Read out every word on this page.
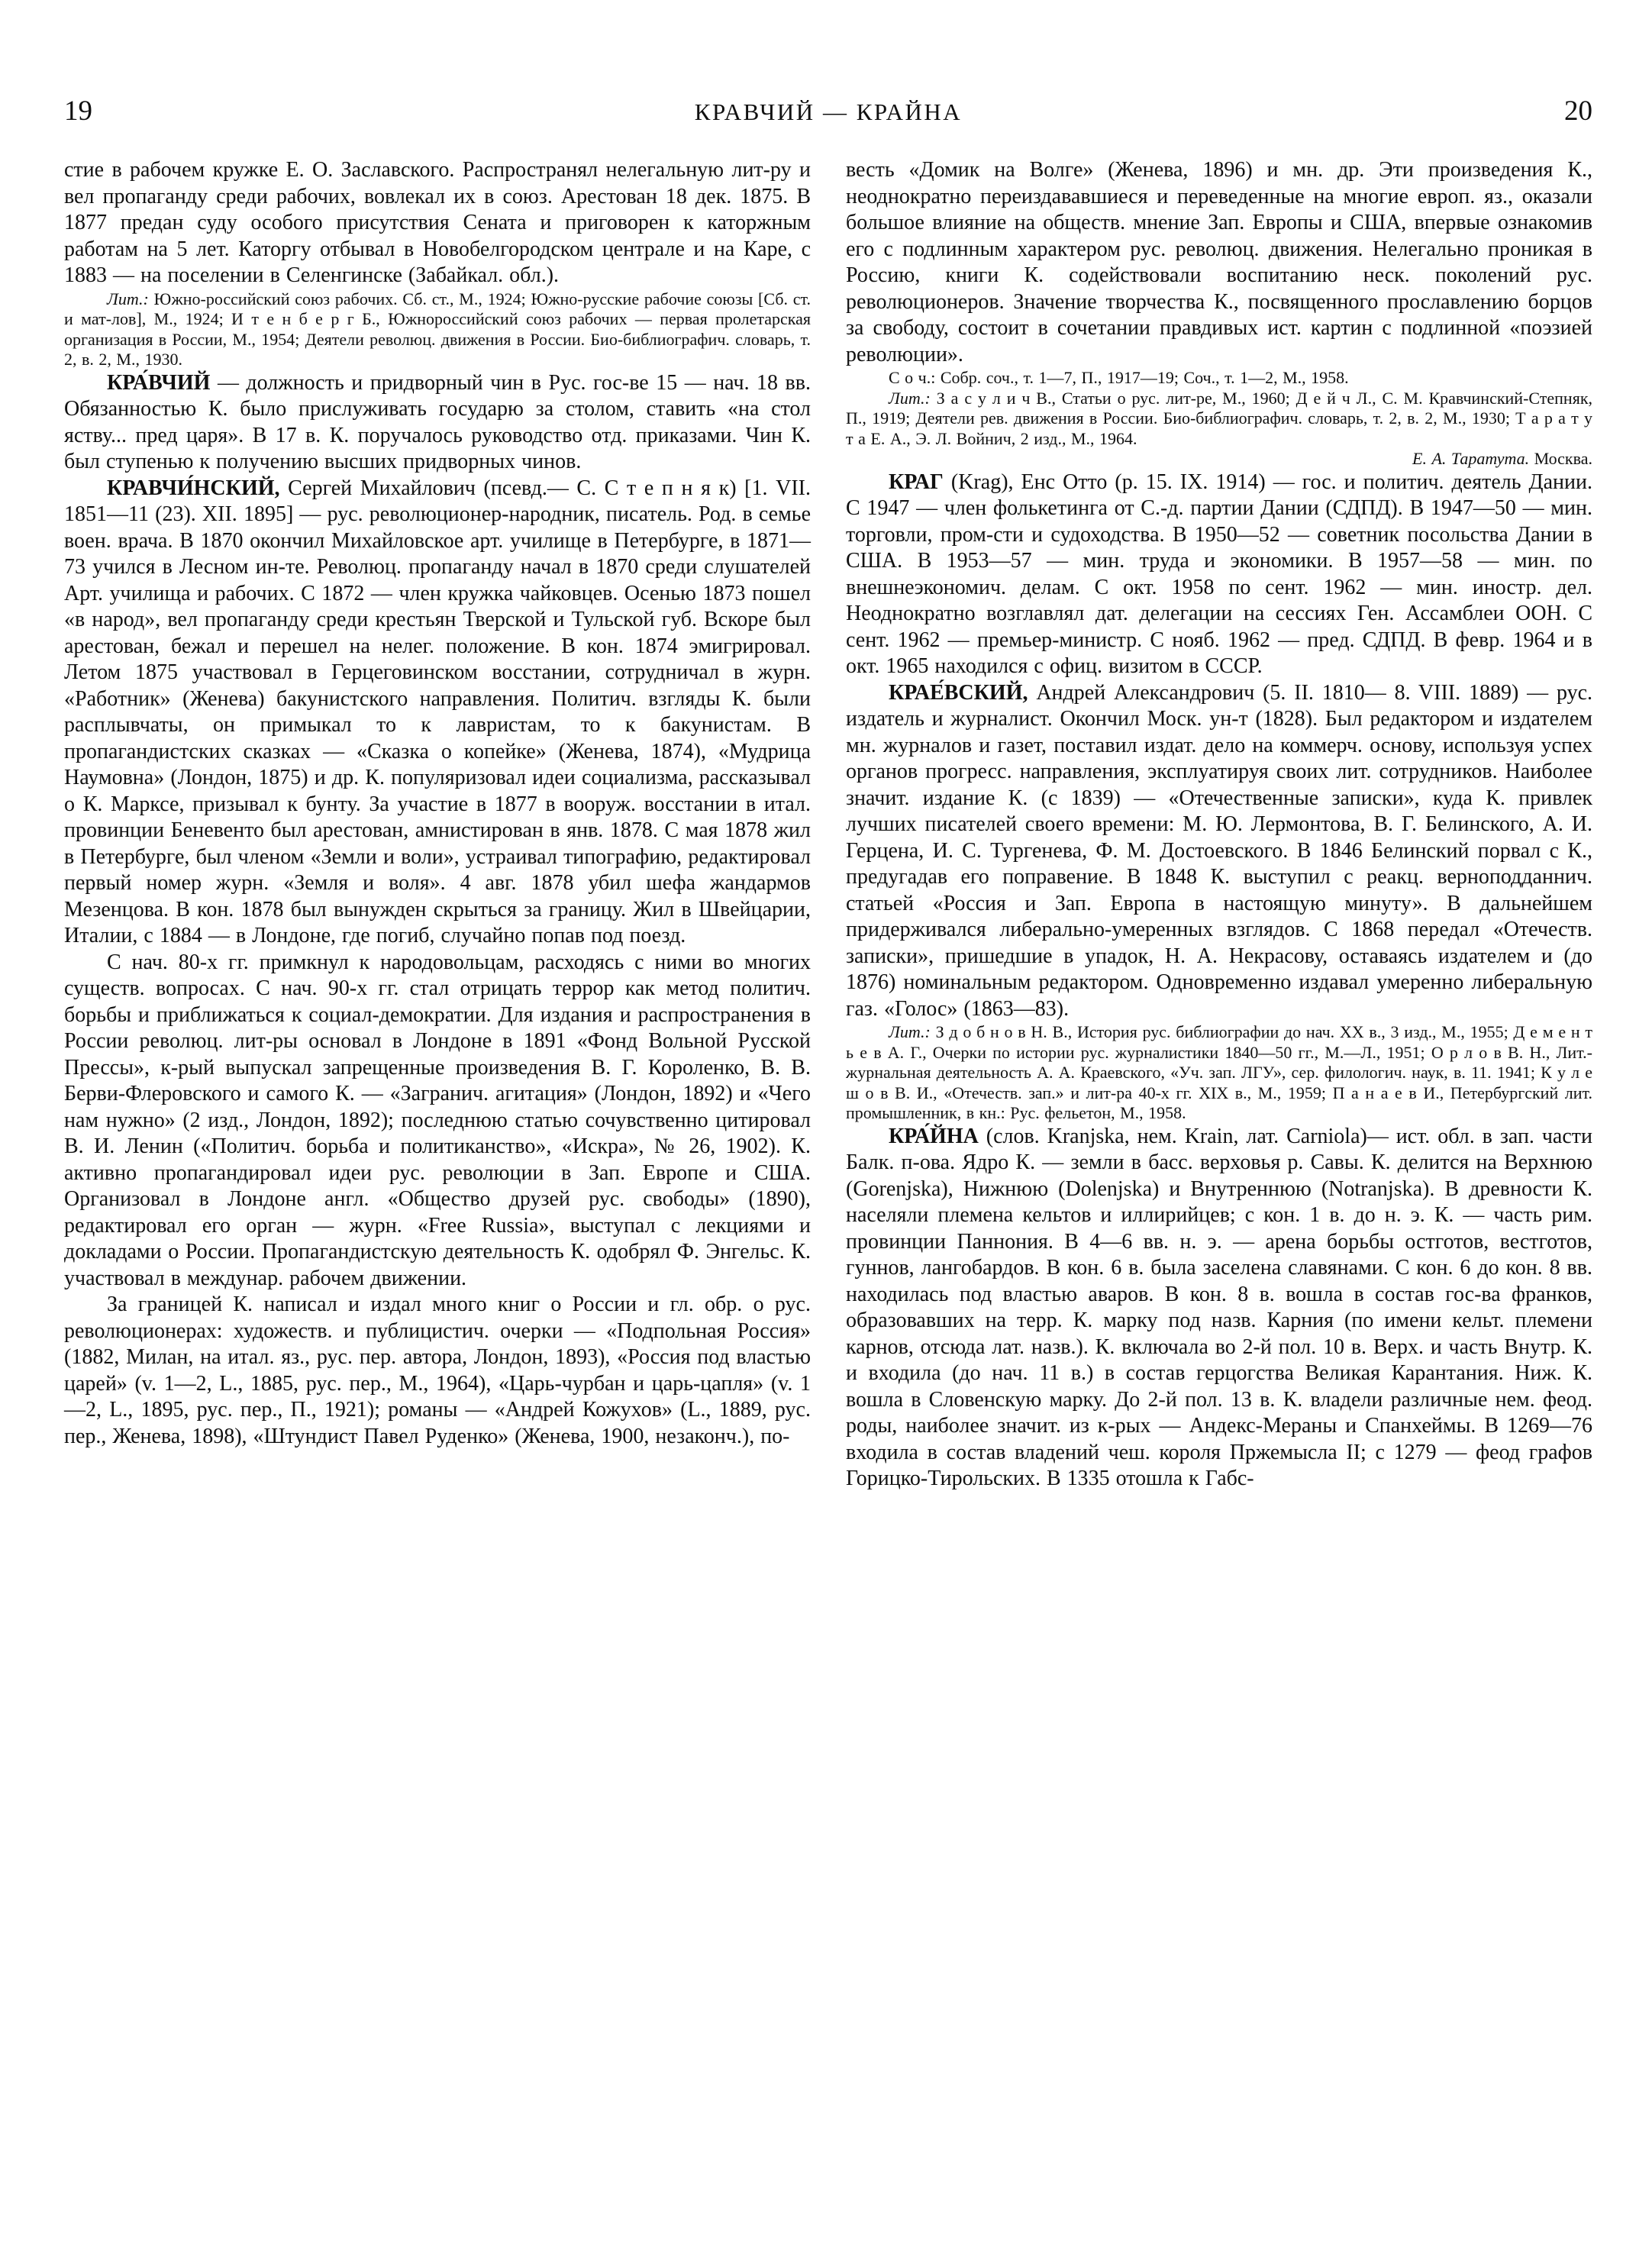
19	КРАВЧИЙ — КРАЙНА	20

стие в рабочем кружке Е. О. Заславского. Распространял нелегальную лит-ру и вел пропаганду среди рабочих, вовлекал их в союз. Арестован 18 дек. 1875. В 1877 предан суду особого присутствия Сената и приговорен к каторжным работам на 5 лет. Каторгу отбывал в Новобелгородском централе и на Каре, с 1883 — на поселении в Селенгинске (Забайкал. обл.).

Лит.: Южно-российский союз рабочих. Сб. ст., М., 1924; Южно-русские рабочие союзы [Сб. ст. и мат-лов], М., 1924; И т е н б е р г Б., Южнороссийский союз рабочих — первая пролетарская организация в России, М., 1954; Деятели революц. движения в России. Био-библиографич. словарь, т. 2, в. 2, М., 1930.

КРА́ВЧИЙ — должность и придворный чин в Рус. гос-ве 15 — нач. 18 вв. Обязанностью К. было прислуживать государю за столом, ставить «на стол яству... пред царя». В 17 в. К. поручалось руководство отд. приказами. Чин К. был ступенью к получению высших придворных чинов.

КРАВЧИ́НСКИЙ, Сергей Михайлович (псевд.— С. С т е п н я к) [1. VII. 1851—11 (23). XII. 1895] — рус. революционер-народник, писатель. Род. в семье воен. врача. В 1870 окончил Михайловское арт. училище в Петербурге, в 1871—73 учился в Лесном ин-те. Революц. пропаганду начал в 1870 среди слушателей Арт. училища и рабочих. С 1872 — член кружка чайковцев. Осенью 1873 пошел «в народ», вел пропаганду среди крестьян Тверской и Тульской губ. Вскоре был арестован, бежал и перешел на нелег. положение. В кон. 1874 эмигрировал. Летом 1875 участвовал в Герцеговинском восстании, сотрудничал в журн. «Работник» (Женева) бакунистского направления. Политич. взгляды К. были расплывчаты, он примыкал то к лавристам, то к бакунистам. В пропагандистских сказках — «Сказка о копейке» (Женева, 1874), «Мудрица Наумовна» (Лондон, 1875) и др. К. популяризовал идеи социализма, рассказывал о К. Марксе, призывал к бунту. За участие в 1877 в вооруж. восстании в итал. провинции Беневенто был арестован, амнистирован в янв. 1878. С мая 1878 жил в Петербурге, был членом «Земли и воли», устраивал типографию, редактировал первый номер журн. «Земля и воля». 4 авг. 1878 убил шефа жандармов Мезенцова. В кон. 1878 был вынужден скрыться за границу. Жил в Швейцарии, Италии, с 1884 — в Лондоне, где погиб, случайно попав под поезд.

С нач. 80-х гг. примкнул к народовольцам, расходясь с ними во многих существ. вопросах. С нач. 90-х гг. стал отрицать террор как метод политич. борьбы и приближаться к социал-демократии. Для издания и распространения в России революц. лит-ры основал в Лондоне в 1891 «Фонд Вольной Русской Прессы», к-рый выпускал запрещенные произведения В. Г. Короленко, В. В. Берви-Флеровского и самого К. — «Загранич. агитация» (Лондон, 1892) и «Чего нам нужно» (2 изд., Лондон, 1892); последнюю статью сочувственно цитировал В. И. Ленин («Политич. борьба и политиканство», «Искра», № 26, 1902). К. активно пропагандировал идеи рус. революции в Зап. Европе и США. Организовал в Лондоне англ. «Общество друзей рус. свободы» (1890), редактировал его орган — журн. «Free Russia», выступал с лекциями и докладами о России. Пропагандистскую деятельность К. одобрял Ф. Энгельс. К. участвовал в междунар. рабочем движении.

За границей К. написал и издал много книг о России и гл. обр. о рус. революционерах: художеств. и публицистич. очерки — «Подпольная Россия» (1882, Милан, на итал. яз., рус. пер. автора, Лондон, 1893), «Россия под властью царей» (v. 1—2, L., 1885, рус. пер., М., 1964), «Царь-чурбан и царь-цапля» (v. 1—2, L., 1895, рус. пер., П., 1921); романы — «Андрей Кожухов» (L., 1889, рус. пер., Женева, 1898), «Штундист Павел Руденко» (Женева, 1900, незаконч.), по-

весть «Домик на Волге» (Женева, 1896) и мн. др. Эти произведения К., неоднократно переиздававшиеся и переведенные на многие европ. яз., оказали большое влияние на обществ. мнение Зап. Европы и США, впервые ознакомив его с подлинным характером рус. революц. движения. Нелегально проникая в Россию, книги К. содействовали воспитанию неск. поколений рус. революционеров. Значение творчества К., посвященного прославлению борцов за свободу, состоит в сочетании правдивых ист. картин с подлинной «поэзией революции».

С о ч.: Собр. соч., т. 1—7, П., 1917—19; Соч., т. 1—2, М., 1958.

Лит.: З а с у л и ч В., Статьи о рус. лит-ре, М., 1960; Д е й ч Л., С. М. Кравчинский-Степняк, П., 1919; Деятели рев. движения в России. Био-библиографич. словарь, т. 2, в. 2, М., 1930; Т а р а т у т а Е. А., Э. Л. Войнич, 2 изд., М., 1964.

Е. А. Таратута. Москва.

КРАГ (Krag), Енс Отто (р. 15. IX. 1914) — гос. и политич. деятель Дании. С 1947 — член фолькетинга от С.-д. партии Дании (СДПД). В 1947—50 — мин. торговли, пром-сти и судоходства. В 1950—52 — советник посольства Дании в США. В 1953—57 — мин. труда и экономики. В 1957—58 — мин. по внешнеэкономич. делам. С окт. 1958 по сент. 1962 — мин. иностр. дел. Неоднократно возглавлял дат. делегации на сессиях Ген. Ассамблеи ООН. С сент. 1962 — премьер-министр. С нояб. 1962 — пред. СДПД. В февр. 1964 и в окт. 1965 находился с офиц. визитом в СССР.

КРАЕ́ВСКИЙ, Андрей Александрович (5. II. 1810— 8. VIII. 1889) — рус. издатель и журналист. Окончил Моск. ун-т (1828). Был редактором и издателем мн. журналов и газет, поставил издат. дело на коммерч. основу, используя успех органов прогресс. направления, эксплуатируя своих лит. сотрудников. Наиболее значит. издание К. (с 1839) — «Отечественные записки», куда К. привлек лучших писателей своего времени: М. Ю. Лермонтова, В. Г. Белинского, А. И. Герцена, И. С. Тургенева, Ф. М. Достоевского. В 1846 Белинский порвал с К., предугадав его поправение. В 1848 К. выступил с реакц. верноподданнич. статьей «Россия и Зап. Европа в настоящую минуту». В дальнейшем придерживался либерально-умеренных взглядов. С 1868 передал «Отечеств. записки», пришедшие в упадок, Н. А. Некрасову, оставаясь издателем и (до 1876) номинальным редактором. Одновременно издавал умеренно либеральную газ. «Голос» (1863—83).

Лит.: З д о б н о в Н. В., История рус. библиографии до нач. XX в., 3 изд., М., 1955; Д е м е н т ь е в А. Г., Очерки по истории рус. журналистики 1840—50 гг., М.—Л., 1951; О р л о в В. Н., Лит.-журнальная деятельность А. А. Краевского, «Уч. зап. ЛГУ», сер. филологич. наук, в. 11. 1941; К у л е ш о в В. И., «Отечеств. зап.» и лит-ра 40-х гг. XIX в., М., 1959; П а н а е в И., Петербургский лит. промышленник, в кн.: Рус. фельетон, М., 1958.

КРА́ЙНА (слов. Kranjska, нем. Krain, лат. Carniola)— ист. обл. в зап. части Балк. п-ова. Ядро К. — земли в басс. верховья р. Савы. К. делится на Верхнюю (Gorenjska), Нижнюю (Dolenjska) и Внутреннюю (Notranjska). В древности К. населяли племена кельтов и иллирийцев; с кон. 1 в. до н. э. К. — часть рим. провинции Паннония. В 4—6 вв. н. э. — арена борьбы остготов, вестготов, гуннов, лангобардов. В кон. 6 в. была заселена славянами. С кон. 6 до кон. 8 вв. находилась под властью аваров. В кон. 8 в. вошла в состав гос-ва франков, образовавших на терр. К. марку под назв. Карния (по имени кельт. племени карнов, отсюда лат. назв.). К. включала во 2-й пол. 10 в. Верх. и часть Внутр. К. и входила (до нач. 11 в.) в состав герцогства Великая Карантания. Ниж. К. вошла в Словенскую марку. До 2-й пол. 13 в. К. владели различные нем. феод. роды, наиболее значит. из к-рых — Андекс-Мераны и Спанхеймы. В 1269—76 входила в состав владений чеш. короля Пржемысла II; с 1279 — феод графов Горицко-Тирольских. В 1335 отошла к Габс-
